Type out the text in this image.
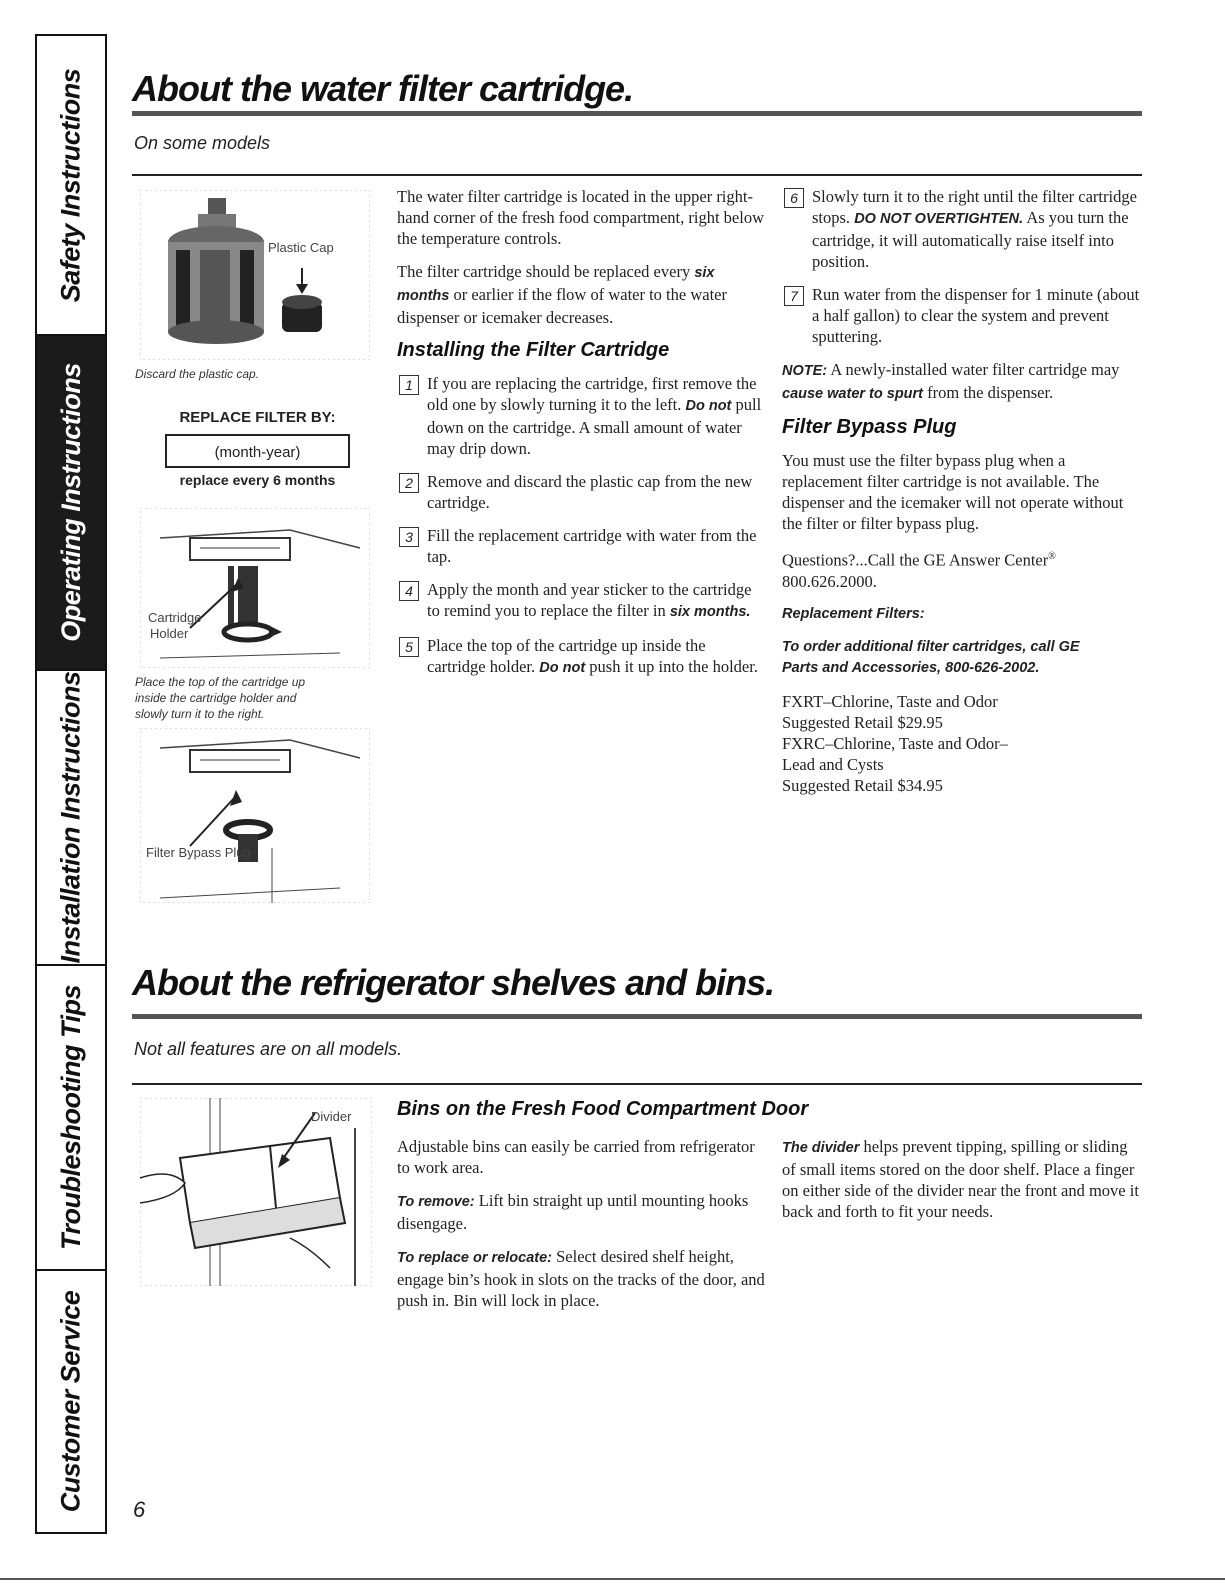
Safety Instructions
Operating Instructions
Installation Instructions
Troubleshooting Tips
Customer Service
About the water filter cartridge.

On some models

Plastic Cap
Discard the plastic cap.
REPLACE FILTER BY:
(month-year)
replace every 6 months
Cartridge
Holder
Place the top of the cartridge up
inside the cartridge holder and
slowly turn it to the right.
Filter Bypass Plug

The water filter cartridge is located in the upper right-hand corner of the fresh food compartment, right below the temperature controls.

The filter cartridge should be replaced every six months or earlier if the flow of water to the water dispenser or icemaker decreases.

Installing the Filter Cartridge
1 If you are replacing the cartridge, first remove the old one by slowly turning it to the left. Do not pull down on the cartridge. A small amount of water may drip down.
2 Remove and discard the plastic cap from the new cartridge.
3 Fill the replacement cartridge with water from the tap.
4 Apply the month and year sticker to the cartridge to remind you to replace the filter in six months.
5 Place the top of the cartridge up inside the cartridge holder. Do not push it up into the holder.
6 Slowly turn it to the right until the filter cartridge stops. DO NOT OVERTIGHTEN. As you turn the cartridge, it will automatically raise itself into position.
7 Run water from the dispenser for 1 minute (about a half gallon) to clear the system and prevent sputtering.

NOTE: A newly-installed water filter cartridge may cause water to spurt from the dispenser.

Filter Bypass Plug

You must use the filter bypass plug when a replacement filter cartridge is not available. The dispenser and the icemaker will not operate without the filter or filter bypass plug.

Questions?...Call the GE Answer Center®
800.626.2000.

Replacement Filters:

To order additional filter cartridges, call GE
Parts and Accessories, 800-626-2002.

FXRT–Chlorine, Taste and Odor
Suggested Retail $29.95
FXRC–Chlorine, Taste and Odor–
Lead and Cysts
Suggested Retail $34.95
About the refrigerator shelves and bins.

Not all features are on all models.

Divider Bins on the Fresh Food Compartment Door

Adjustable bins can easily be carried from refrigerator to work area.

To remove: Lift bin straight up until mounting hooks disengage.

To replace or relocate: Select desired shelf height, engage bin’s hook in slots on the tracks of the door, and push in. Bin will lock in place.

The divider helps prevent tipping, spilling or sliding of small items stored on the door shelf. Place a finger on either side of the divider near the front and move it back and forth to fit your needs.

6
